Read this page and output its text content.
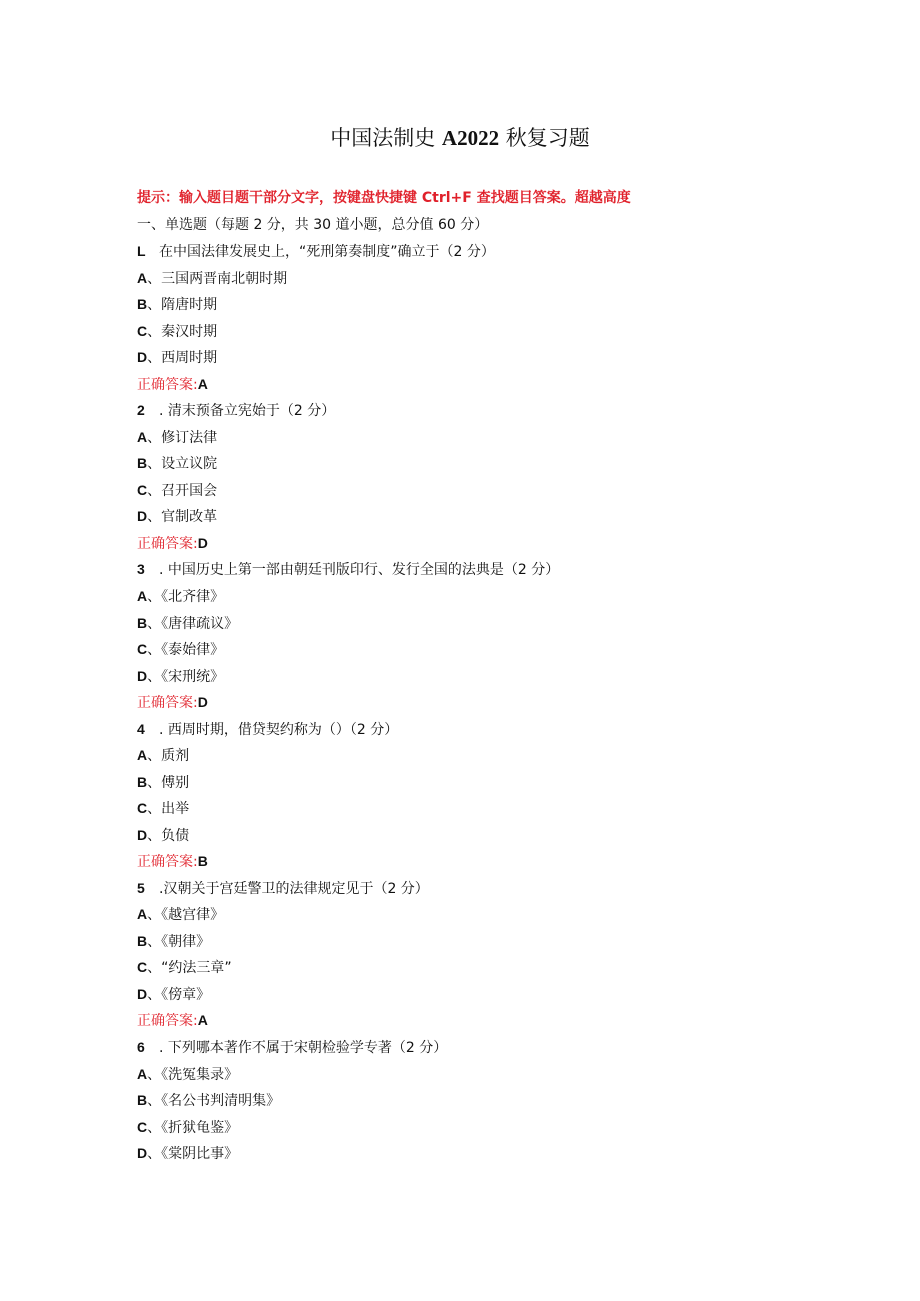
中国法制史 A2022 秋复习题
提示：输入题目题干部分文字，按键盘快捷键 Ctrl+F 查找题目答案。超越高度
一、单选题（每题 2 分，共 30 道小题，总分值 60 分）
L 在中国法律发展史上，“死刑第奏制度”确立于（2 分）
A、三国两晋南北朝时期
B、隋唐时期
C、秦汉时期
D、西周时期
正确答案:A
2 . 清末预备立宪始于（2 分）
A、修订法律
B、设立议院
C、召开国会
D、官制改革
正确答案:D
3 . 中国历史上第一部由朝廷刊版印行、发行全国的法典是（2 分）
A、《北齐律》
B、《唐律疏议》
C、《泰始律》
D、《宋刑统》
正确答案:D
4 . 西周时期，借贷契约称为（）（2 分）
A、质剂
B、傅别
C、出举
D、负债
正确答案:B
5 .汉朝关于宫廷警卫的法律规定见于（2 分）
A、《越宫律》
B、《朝律》
C、“约法三章”
D、《傍章》
正确答案:A
6 . 下列哪本著作不属于宋朝检验学专著（2 分）
A、《洗冤集录》
B、《名公书判清明集》
C、《折狱龟鉴》
D、《棠阴比事》
